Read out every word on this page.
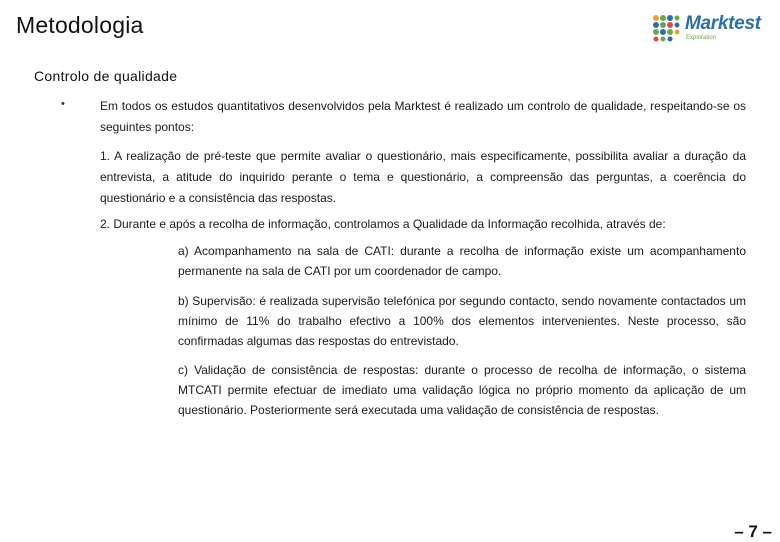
Metodologia	Marktest
Exploration
Controlo de qualidade
•	Em todos os estudos quantitativos desenvolvidos pela Marktest é realizado um controlo de qualidade, respeitando-se os seguintes pontos:

1. A realização de pré-teste que permite avaliar o questionário, mais especificamente, possibilita avaliar a duração da entrevista, a atitude do inquirido perante o tema e questionário, a compreensão das perguntas, a coerência do questionário e a consistência das respostas.

2. Durante e após a recolha de informação, controlamos a Qualidade da Informação recolhida, através de:

a) Acompanhamento na sala de CATI: durante a recolha de informação existe um acompanhamento permanente na sala de CATI por um coordenador de campo.

b) Supervisão: é realizada supervisão telefónica por segundo contacto, sendo novamente contactados um mínimo de 11% do trabalho efectivo a 100% dos elementos intervenientes. Neste processo, são confirmadas algumas das respostas do entrevistado.

c) Validação de consistência de respostas: durante o processo de recolha de informação, o sistema MTCATI permite efectuar de imediato uma validação lógica no próprio momento da aplicação de um questionário. Posteriormente será executada uma validação de consistência de respostas.

– 7 –
